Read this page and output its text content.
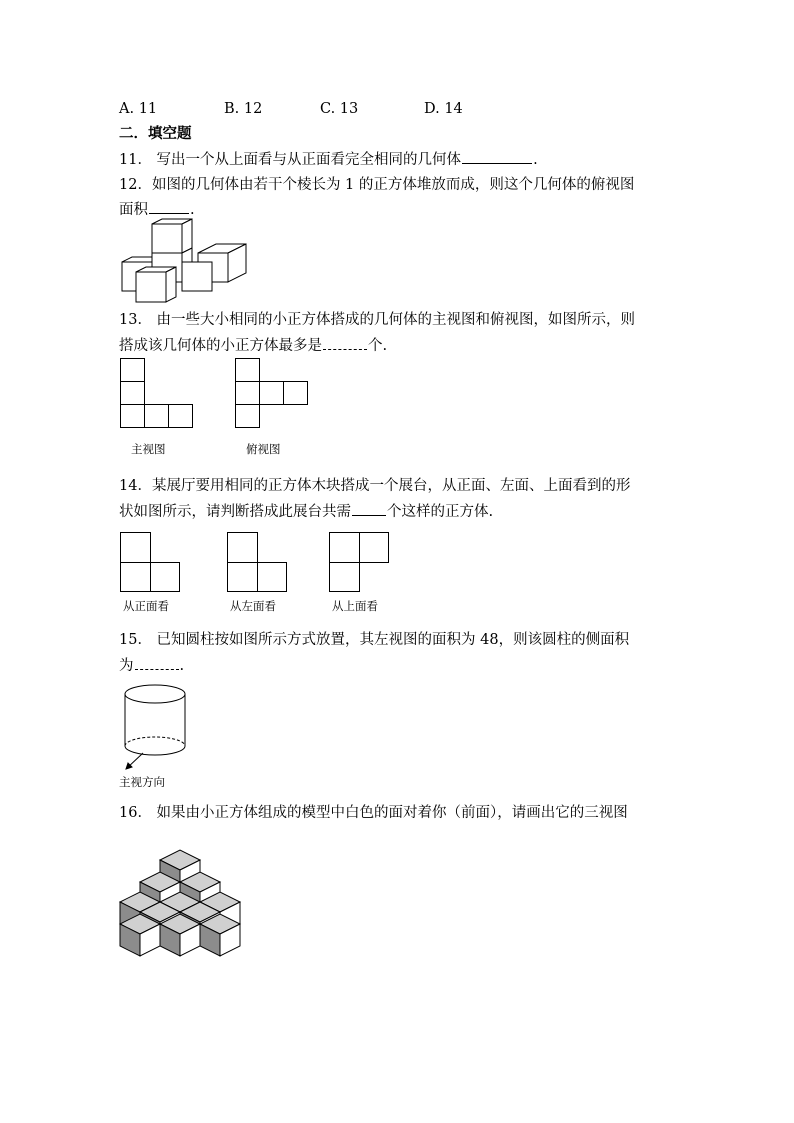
A. 11	B. 12	C. 13	D. 14
二．填空题
11． 写出一个从上面看与从正面看完全相同的几何体	.
12．如图的几何体由若干个棱长为 1 的正方体堆放而成，则这个几何体的俯视图
面积	.
13． 由一些大小相同的小正方体搭成的几何体的主视图和俯视图，如图所示，则
搭成该几何体的小正方体最多是	个.
主视图	俯视图
14．某展厅要用相同的正方体木块搭成一个展台，从正面、左面、上面看到的形
状如图所示，请判断搭成此展台共需 个这样的正方体.
从正面看	从左面看	从上面看
15． 已知圆柱按如图所示方式放置，其左视图的面积为 48，则该圆柱的侧面积
为	.
主视方向
16． 如果由小正方体组成的模型中白色的面对着你（前面），请画出它的三视图
